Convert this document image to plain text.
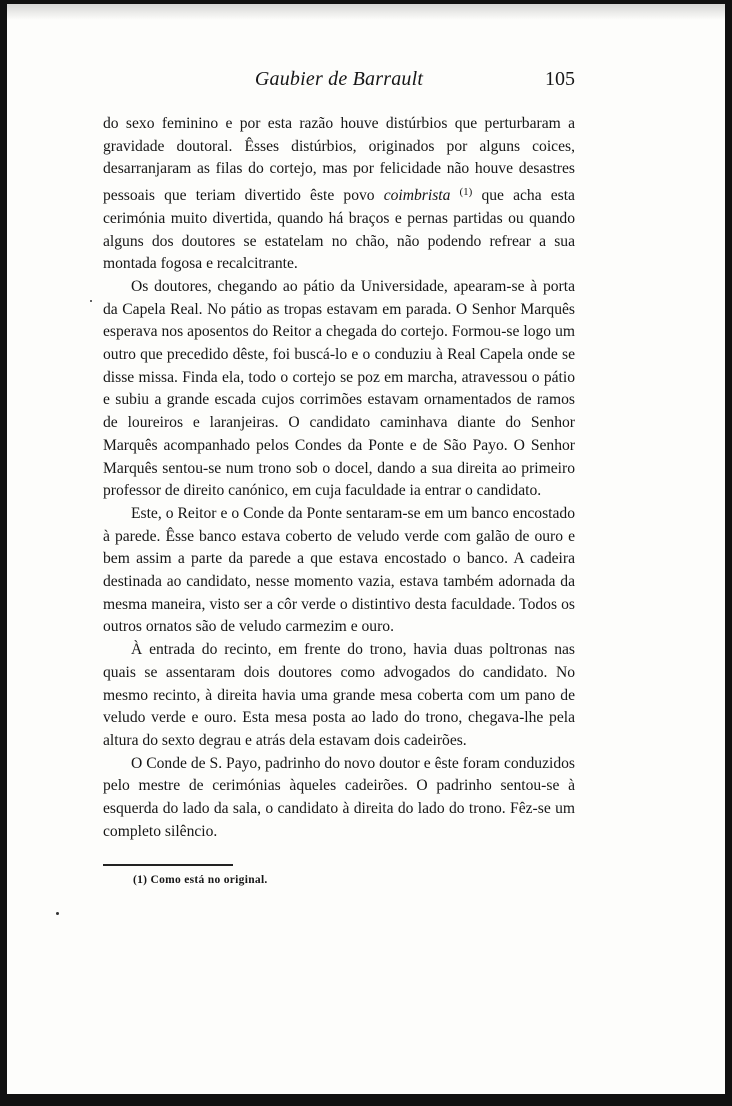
Gaubier de Barrault	105

do sexo feminino e por esta razão houve distúrbios que perturbaram a gravidade doutoral. Êsses distúrbios, originados por alguns coices, desarranjaram as filas do cortejo, mas por felicidade não houve desastres pessoais que teriam divertido êste povo coimbrista $^{(1)}$ que acha esta cerimónia muito divertida, quando há braços e pernas partidas ou quando alguns dos doutores se estatelam no chão, não podendo refrear a sua montada fogosa e recalcitrante.

Os doutores, chegando ao pátio da Universidade, apearam-se à porta da Capela Real. No pátio as tropas estavam em parada. O Senhor Marquês esperava nos aposentos do Reitor a chegada do cortejo. Formou-se logo um outro que precedido dêste, foi buscá-lo e o conduziu à Real Capela onde se disse missa. Finda ela, todo o cortejo se poz em marcha, atravessou o pátio e subiu a grande escada cujos corrimões estavam ornamentados de ramos de loureiros e laranjeiras. O candidato caminhava diante do Senhor Marquês acompanhado pelos Condes da Ponte e de São Payo. O Senhor Marquês sentou-se num trono sob o docel, dando a sua direita ao primeiro professor de direito canónico, em cuja faculdade ia entrar o candidato.

Este, o Reitor e o Conde da Ponte sentaram-se em um banco encostado à parede. Êsse banco estava coberto de veludo verde com galão de ouro e bem assim a parte da parede a que estava encostado o banco. A cadeira destinada ao candidato, nesse momento vazia, estava também adornada da mesma maneira, visto ser a côr verde o distintivo desta faculdade. Todos os outros ornatos são de veludo carmezim e ouro.

À entrada do recinto, em frente do trono, havia duas poltronas nas quais se assentaram dois doutores como advogados do candidato. No mesmo recinto, à direita havia uma grande mesa coberta com um pano de veludo verde e ouro. Esta mesa posta ao lado do trono, chegava-lhe pela altura do sexto degrau e atrás dela estavam dois cadeirões.

O Conde de S. Payo, padrinho do novo doutor e êste foram conduzidos pelo mestre de cerimónias àqueles cadeirões. O padrinho sentou-se à esquerda do lado da sala, o candidato à direita do lado do trono. Fêz-se um completo silêncio.

(1) Como está no original.
